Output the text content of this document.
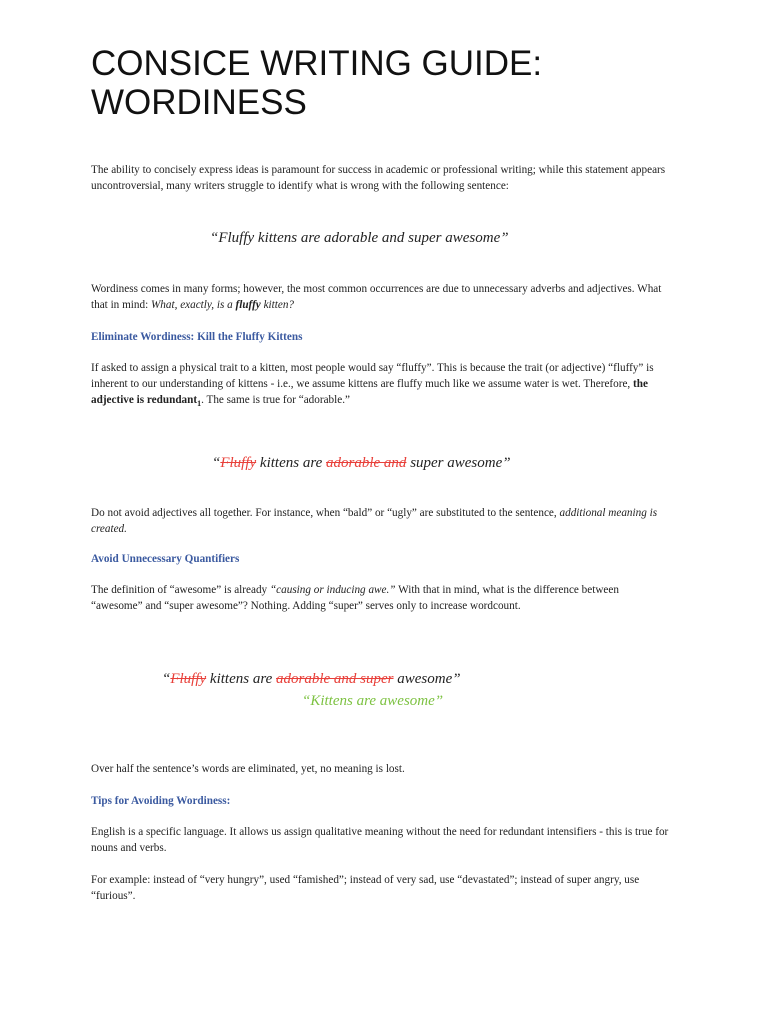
CONSICE WRITING GUIDE:
WORDINESS

The ability to concisely express ideas is paramount for success in academic or professional writing; while this statement appears uncontroversial, many writers struggle to identify what is wrong with the following sentence:

“Fluffy kittens are adorable and super awesome”

Wordiness comes in many forms; however, the most common occurrences are due to unnecessary adverbs and adjectives. What that in mind: What, exactly, is a fluffy kitten?

Eliminate Wordiness: Kill the Fluffy Kittens

If asked to assign a physical trait to a kitten, most people would say “fluffy”. This is because the trait (or adjective) “fluffy” is inherent to our understanding of kittens - i.e., we assume kittens are fluffy much like we assume water is wet. Therefore, the adjective is redundant$_1$. The same is true for “adorable.”

“Fluffy kittens are adorable and super awesome”

Do not avoid adjectives all together. For instance, when “bald” or “ugly” are substituted to the sentence, additional meaning is created.

Avoid Unnecessary Quantifiers

The definition of “awesome” is already “causing or inducing awe.” With that in mind, what is the difference between “awesome” and “super awesome”? Nothing. Adding “super” serves only to increase wordcount.

“Fluffy kittens are adorable and super awesome”

“Kittens are awesome”

Over half the sentence’s words are eliminated, yet, no meaning is lost.

Tips for Avoiding Wordiness:

English is a specific language. It allows us assign qualitative meaning without the need for redundant intensifiers - this is true for nouns and verbs.

For example: instead of “very hungry”, used “famished”; instead of very sad, use “devastated”; instead of super angry, use “furious”.
